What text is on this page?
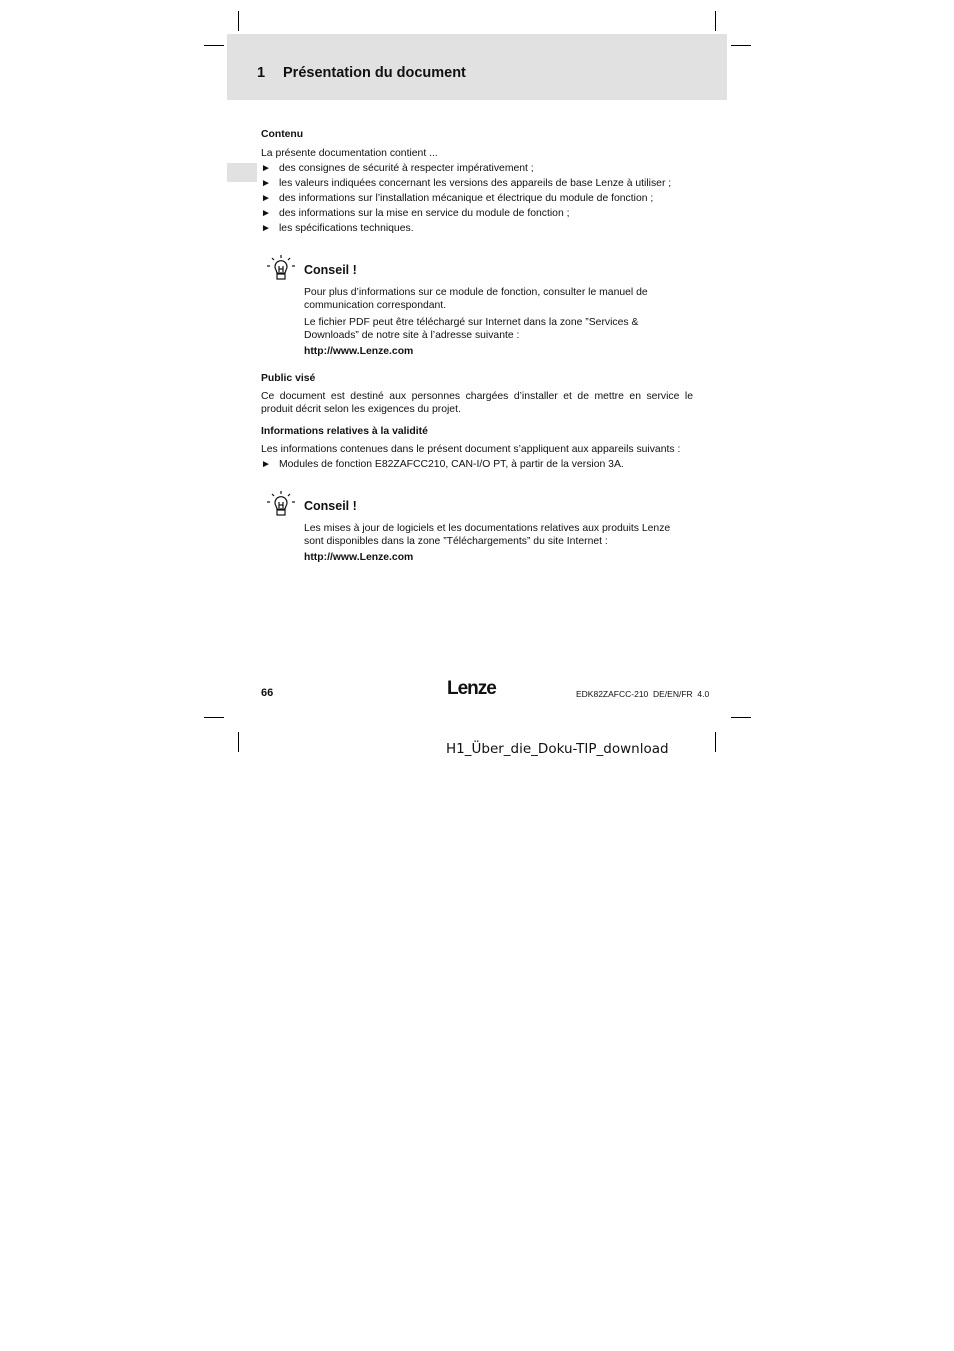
1 Présentation du document
Contenu
La présente documentation contient ...
► des consignes de sécurité à respecter impérativement ;
► les valeurs indiquées concernant les versions des appareils de base Lenze à utiliser ;
► des informations sur l’installation mécanique et électrique du module de fonction ;
► des informations sur la mise en service du module de fonction ;
► les spécifications techniques.
Conseil !
Pour plus d’informations sur ce module de fonction, consulter le manuel de communication correspondant.
Le fichier PDF peut être téléchargé sur Internet dans la zone ”Services & Downloads” de notre site à l’adresse suivante :
http://www.Lenze.com
Public visé
Ce document est destiné aux personnes chargées d’installer et de mettre en service le produit décrit selon les exigences du projet.
Informations relatives à la validité
Les informations contenues dans le présent document s’appliquent aux appareils suivants :
► Modules de fonction E82ZAFCC210, CAN-I/O PT, à partir de la version 3A.
Conseil !
Les mises à jour de logiciels et les documentations relatives aux produits Lenze sont disponibles dans la zone ”Téléchargements” du site Internet :
http://www.Lenze.com
66	Lenze	EDK82ZAFCC-210  DE/EN/FR  4.0
H1_Über_die_Doku-TIP_download
